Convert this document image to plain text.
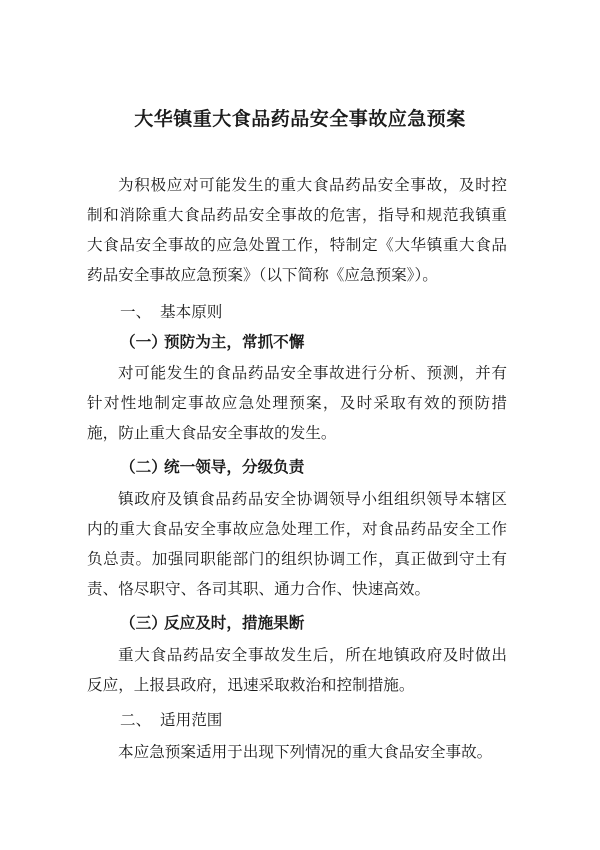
大华镇重大食品药品安全事故应急预案
为积极应对可能发生的重大食品药品安全事故，及时控制和消除重大食品药品安全事故的危害，指导和规范我镇重大食品安全事故的应急处置工作，特制定《大华镇重大食品药品安全事故应急预案》（以下简称《应急预案》）。
一、 基本原则
（一）预防为主，常抓不懈
对可能发生的食品药品安全事故进行分析、预测，并有针对性地制定事故应急处理预案，及时采取有效的预防措施，防止重大食品安全事故的发生。
（二）统一领导，分级负责
镇政府及镇食品药品安全协调领导小组组织领导本辖区内的重大食品安全事故应急处理工作，对食品药品安全工作负总责。加强同职能部门的组织协调工作，真正做到守土有责、恪尽职守、各司其职、通力合作、快速高效。
（三）反应及时，措施果断
重大食品药品安全事故发生后，所在地镇政府及时做出反应，上报县政府，迅速采取救治和控制措施。
二、 适用范围
本应急预案适用于出现下列情况的重大食品安全事故。
